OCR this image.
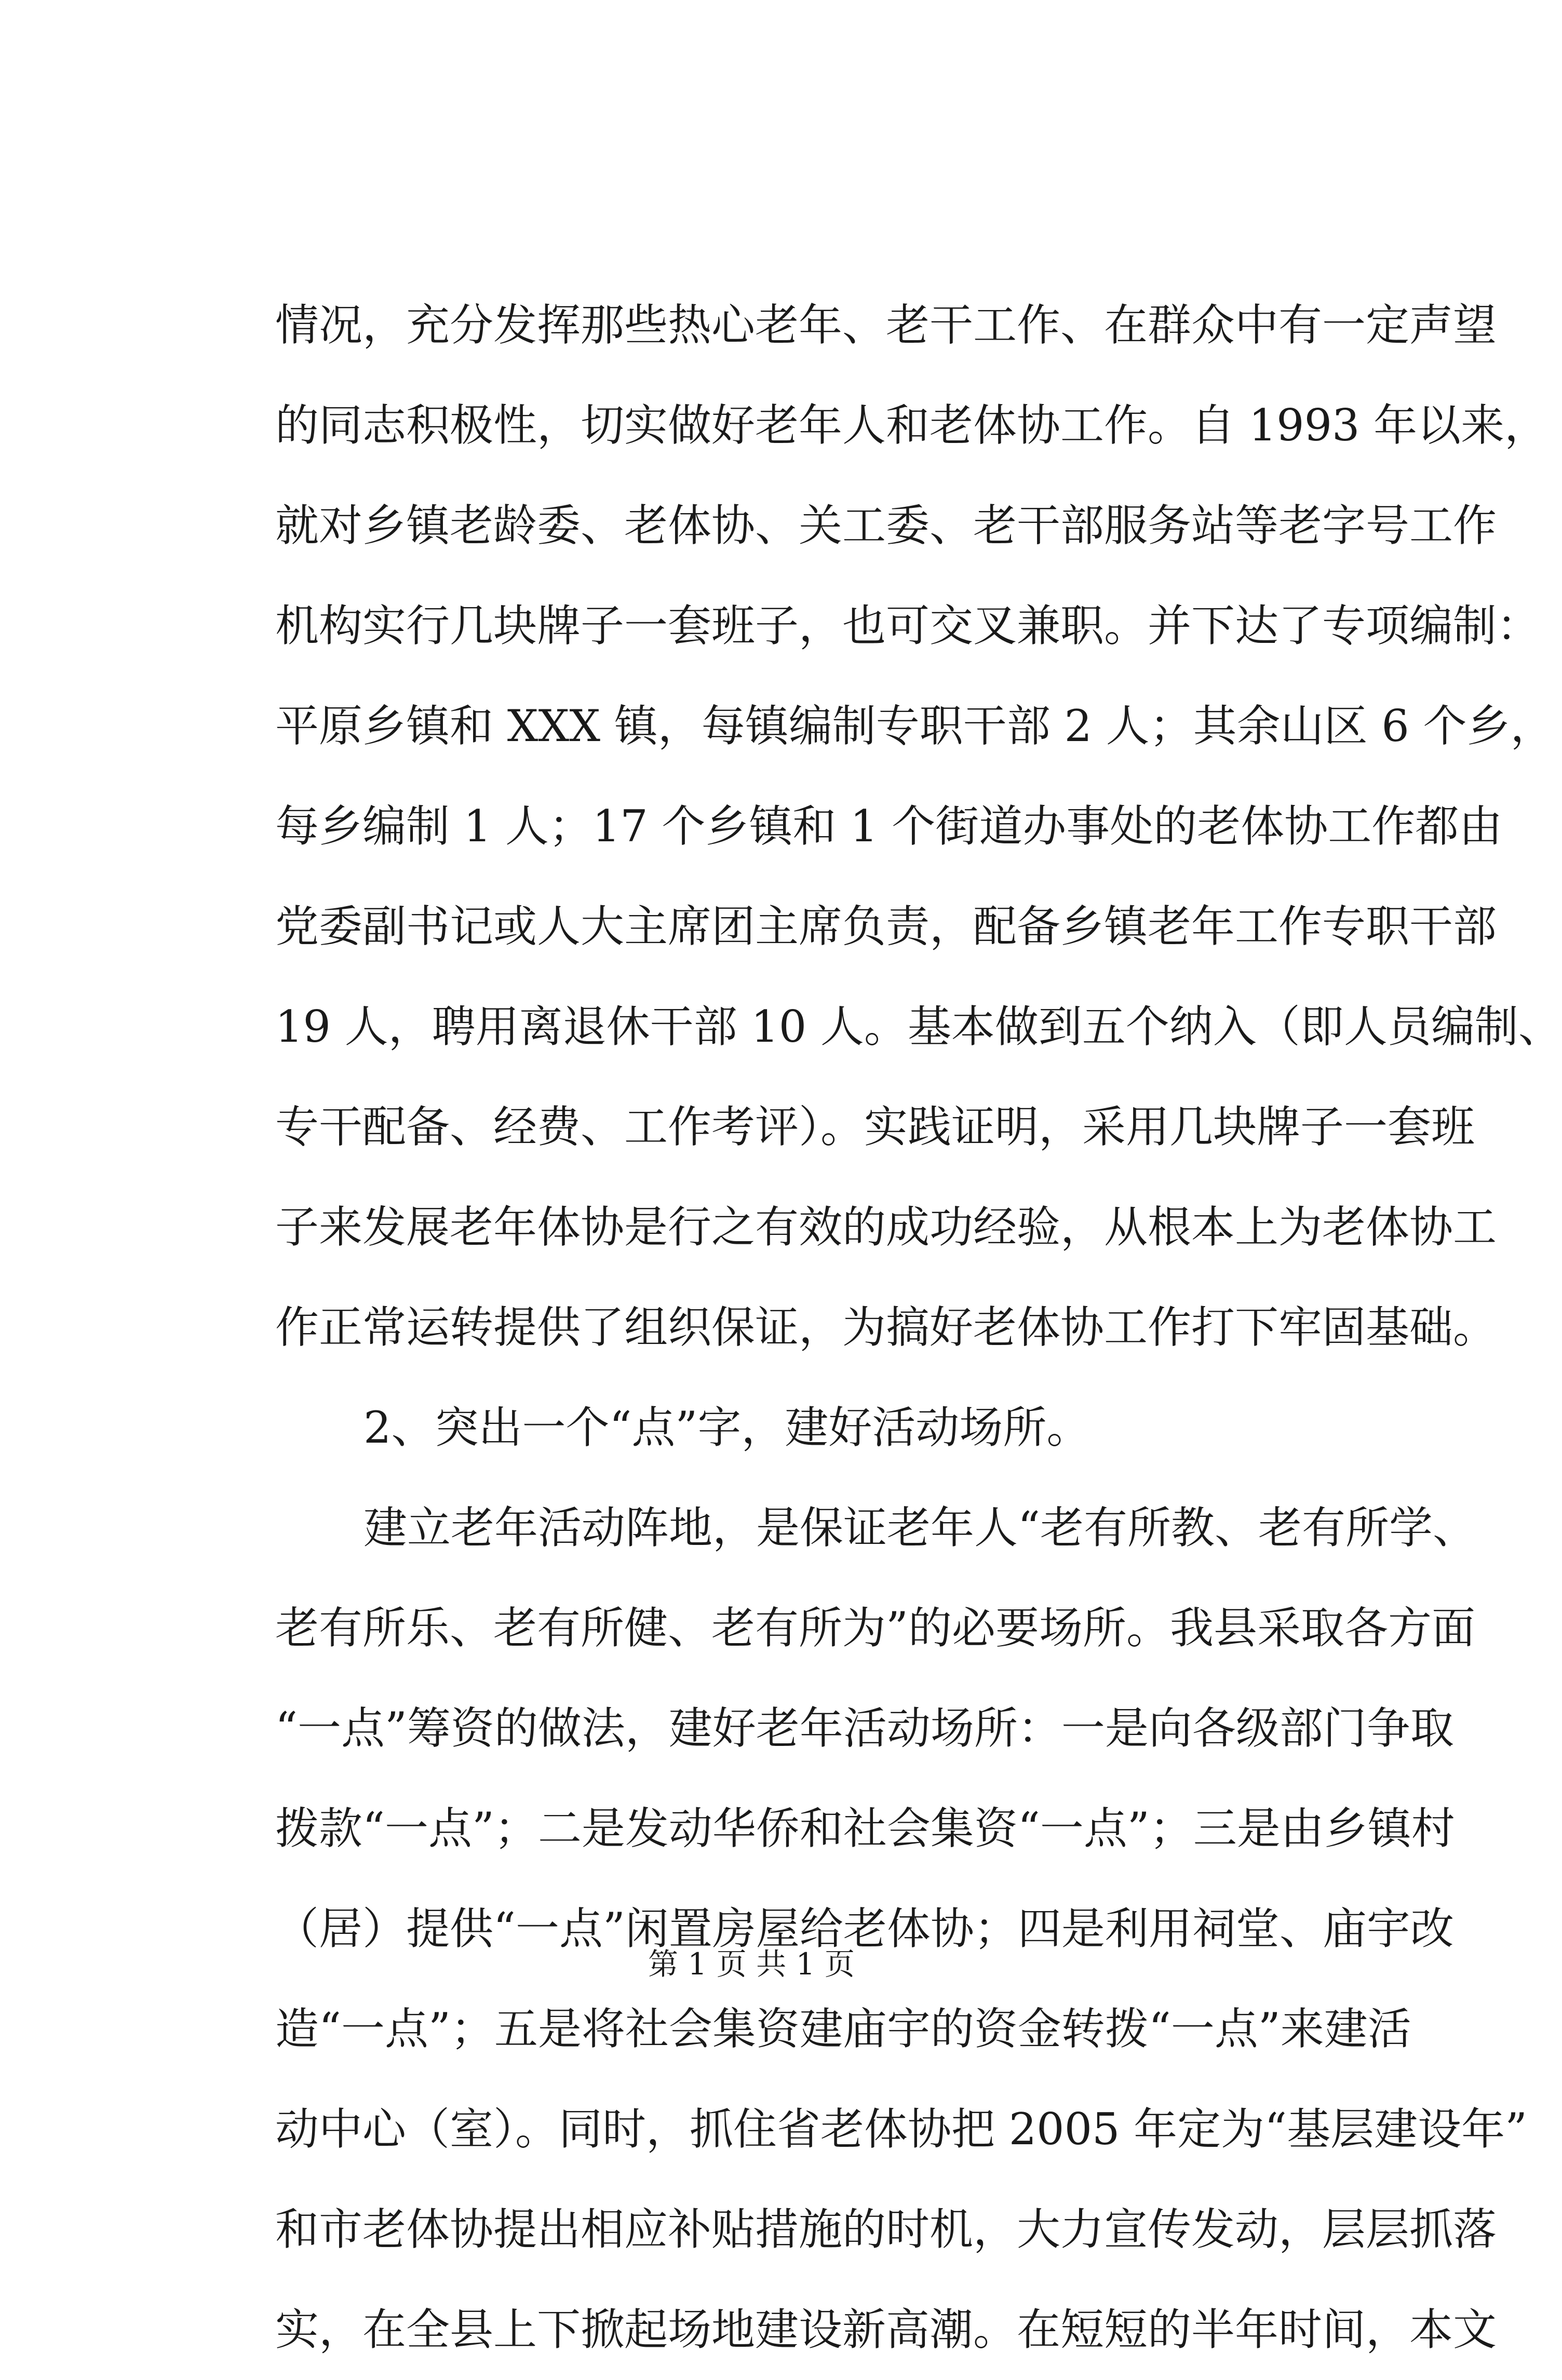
情况，充分发挥那些热心老年、老干工作、在群众中有一定声望
的同志积极性，切实做好老年人和老体协工作。自 1993 年以来，
就对乡镇老龄委、老体协、关工委、老干部服务站等老字号工作
机构实行几块牌子一套班子，也可交叉兼职。并下达了专项编制：
平原乡镇和 XXX 镇，每镇编制专职干部 2 人；其余山区 6 个乡，
每乡编制 1 人；17 个乡镇和 1 个街道办事处的老体协工作都由
党委副书记或人大主席团主席负责，配备乡镇老年工作专职干部
19 人，聘用离退休干部 10 人。基本做到五个纳入（即人员编制、
专干配备、经费、工作考评）。实践证明，采用几块牌子一套班
子来发展老年体协是行之有效的成功经验，从根本上为老体协工
作正常运转提供了组织保证，为搞好老体协工作打下牢固基础。
2、突出一个“点”字，建好活动场所。
建立老年活动阵地，是保证老年人“老有所教、老有所学、
老有所乐、老有所健、老有所为”的必要场所。我县采取各方面
“一点”筹资的做法，建好老年活动场所：一是向各级部门争取
拨款“一点”；二是发动华侨和社会集资“一点”；三是由乡镇村
（居）提供“一点”闲置房屋给老体协；四是利用祠堂、庙宇改
造“一点”；五是将社会集资建庙宇的资金转拨“一点”来建活
动中心（室）。同时，抓住省老体协把 2005 年定为“基层建设年”
和市老体协提出相应补贴措施的时机，大力宣传发动，层层抓落
实，在全县上下掀起场地建设新高潮。在短短的半年时间，本文
第 1 页 共 1 页
